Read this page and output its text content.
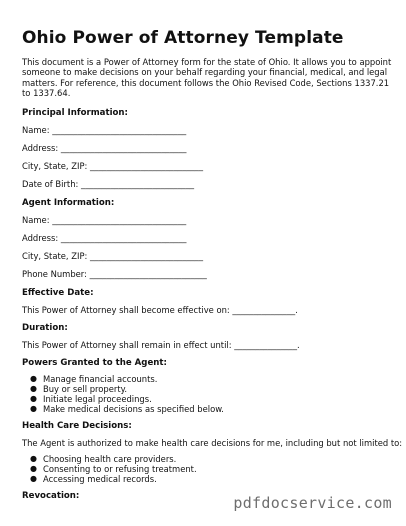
Ohio Power of Attorney Template

This document is a Power of Attorney form for the state of Ohio. It allows you to appoint someone to make decisions on your behalf regarding your financial, medical, and legal matters. For reference, this document follows the Ohio Revised Code, Sections 1337.21 to 1337.64.

Principal Information:
Name: ________________________________
Address: ______________________________
City, State, ZIP: ___________________________
Date of Birth: ___________________________
Agent Information:
Name: ________________________________
Address: ______________________________
City, State, ZIP: ___________________________
Phone Number: ____________________________
Effective Date:
This Power of Attorney shall become effective on: _______________.
Duration:
This Power of Attorney shall remain in effect until: _______________.
Powers Granted to the Agent:
● Manage financial accounts.
● Buy or sell property.
● Initiate legal proceedings.
● Make medical decisions as specified below.
Health Care Decisions:
The Agent is authorized to make health care decisions for me, including but not limited to:
● Choosing health care providers.
● Consenting to or refusing treatment.
● Accessing medical records.
Revocation:	pdfdocservice.com
